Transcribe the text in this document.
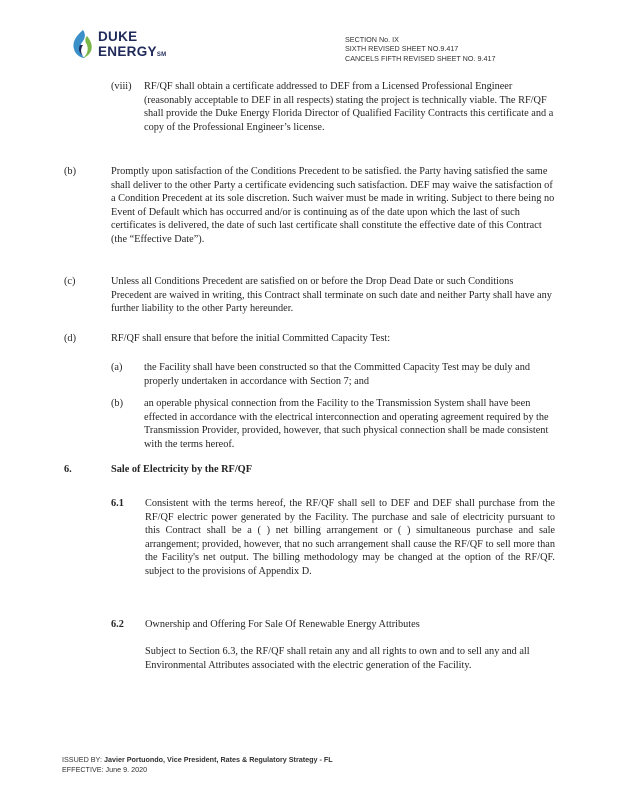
DUKE
ENERGYSM
SECTION No. IX
SIXTH REVISED SHEET NO.9.417
CANCELS FIFTH REVISED SHEET NO. 9.417
(viii) RF/QF shall obtain a certificate addressed to DEF from a Licensed Professional Engineer (reasonably acceptable to DEF in all respects) stating the project is technically viable. The RF/QF shall provide the Duke Energy Florida Director of Qualified Facility Contracts this certificate and a copy of the Professional Engineer’s license.
(b)	Promptly upon satisfaction of the Conditions Precedent to be satisfied. the Party having satisfied the same shall deliver to the other Party a certificate evidencing such satisfaction. DEF may waive the satisfaction of a Condition Precedent at its sole discretion. Such waiver must be made in writing. Subject to there being no Event of Default which has occurred and/or is continuing as of the date upon which the last of such certificates is delivered, the date of such last certificate shall constitute the effective date of this Contract (the “Effective Date”).
(c)	Unless all Conditions Precedent are satisfied on or before the Drop Dead Date or such Conditions Precedent are waived in writing, this Contract shall terminate on such date and neither Party shall have any further liability to the other Party hereunder.
(d)	RF/QF shall ensure that before the initial Committed Capacity Test:
(a) the Facility shall have been constructed so that the Committed Capacity Test may be duly and properly undertaken in accordance with Section 7; and
(b) an operable physical connection from the Facility to the Transmission System shall have been effected in accordance with the electrical interconnection and operating agreement required by the Transmission Provider, provided, however, that such physical connection shall be made consistent with the terms hereof.
6.	Sale of Electricity by the RF/QF
6.1 Consistent with the terms hereof, the RF/QF shall sell to DEF and DEF shall purchase from the RF/QF electric power generated by the Facility. The purchase and sale of electricity pursuant to this Contract shall be a ( ) net billing arrangement or ( ) simultaneous purchase and sale arrangement; provided, however, that no such arrangement shall cause the RF/QF to sell more than the Facility's net output. The billing methodology may be changed at the option of the RF/QF. subject to the provisions of Appendix D.
6.2 Ownership and Offering For Sale Of Renewable Energy Attributes
Subject to Section 6.3, the RF/QF shall retain any and all rights to own and to sell any and all Environmental Attributes associated with the electric generation of the Facility.
ISSUED BY: Javier Portuondo, Vice President, Rates & Regulatory Strategy - FL
EFFECTIVE: June 9. 2020
